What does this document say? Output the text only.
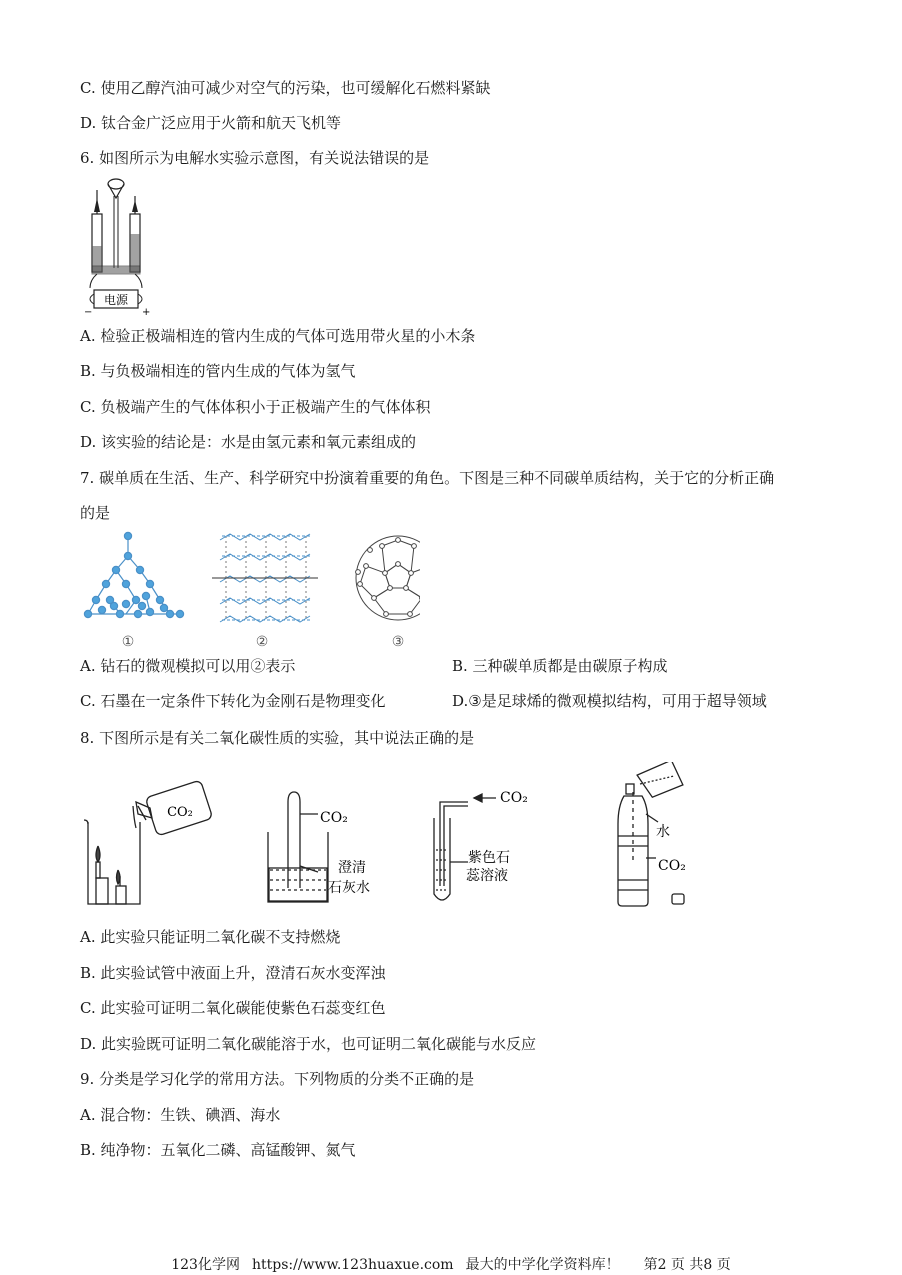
C. 使用乙醇汽油可减少对空气的污染，也可缓解化石燃料紧缺
D. 钛合金广泛应用于火箭和航天飞机等
6. 如图所示为电解水实验示意图，有关说法错误的是
电源
−	+
A. 检验正极端相连的管内生成的气体可选用带火星的小木条
B. 与负极端相连的管内生成的气体为氢气
C. 负极端产生的气体体积小于正极端产生的气体体积
D. 该实验的结论是：水是由氢元素和氧元素组成的
7. 碳单质在生活、生产、科学研究中扮演着重要的角色。下图是三种不同碳单质结构，关于它的分析正确
的是
①	②	③
A. 钻石的微观模拟可以用②表示	B. 三种碳单质都是由碳原子构成
C. 石墨在一定条件下转化为金刚石是物理变化	D.③是足球烯的微观模拟结构，可用于超导领域
8. 下图所示是有关二氧化碳性质的实验，其中说法正确的是
CO₂	CO₂
澄清
石灰水
CO₂
紫色石
蕊溶液
水
CO₂
A. 此实验只能证明二氧化碳不支持燃烧
B. 此实验试管中液面上升，澄清石灰水变浑浊
C. 此实验可证明二氧化碳能使紫色石蕊变红色
D. 此实验既可证明二氧化碳能溶于水，也可证明二氧化碳能与水反应
9. 分类是学习化学的常用方法。下列物质的分类不正确的是
A. 混合物：生铁、碘酒、海水
B. 纯净物：五氧化二磷、高锰酸钾、氮气
123化学网 https://www.123huaxue.com 最大的中学化学资料库！ 第2 页 共8 页
